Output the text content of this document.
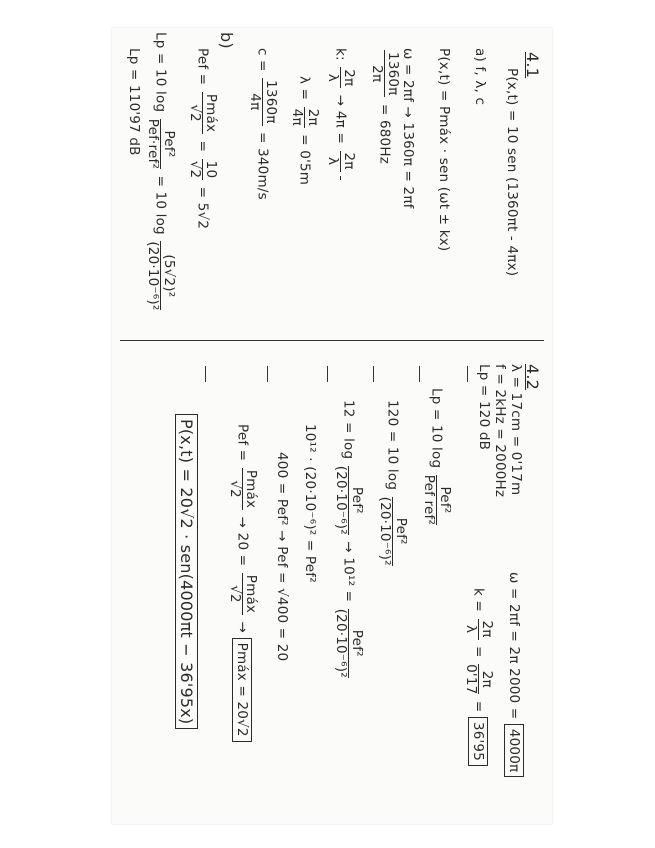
4.1
P(x,t) = 10 sen (1360πt - 4πx)
a) f, λ, c
P(x,t) = Pmáx · sen (ωt ± kx)
ω = 2πf → 1360π = 2πf
1360π
2π
= 680Hz
k:
2π
λ
→ 4π =
2π
λ
λ =
2π
4π
= 0'5m
c =
1360π
4π
= 340m/s
b)
Pef =
Pmáx
√2
=
10
√2
= 5√2
Lp = 10 log
Pef²
Pef·ref²
= 10 log
(5√2)²
(20·10⁻⁶)²
Lp = 110'97 dB
4.2
λ = 17cm = 0'17m
f = 2kHz = 2000Hz
Lp = 120 dB
ω = 2πf = 2π 2000 = 4000π
k =
2π
λ
=
2π
0'17
= 36'95
Lp = 10 log
Pef²
Pef ref²
120 = 10 log
Pef²
(20·10⁻⁶)²
12 = log
Pef²
(20·10⁻⁶)²
→ 10¹² =
Pef²
(20·10⁻⁶)²
10¹² · (20·10⁻⁶)² = Pef²
400 = Pef² → Pef = √400 = 20
Pef =
Pmáx
√2
→ 20 =
Pmáx
√2
→ Pmáx = 20√2
P(x,t) = 20√2 · sen(4000πt − 36'95x)
